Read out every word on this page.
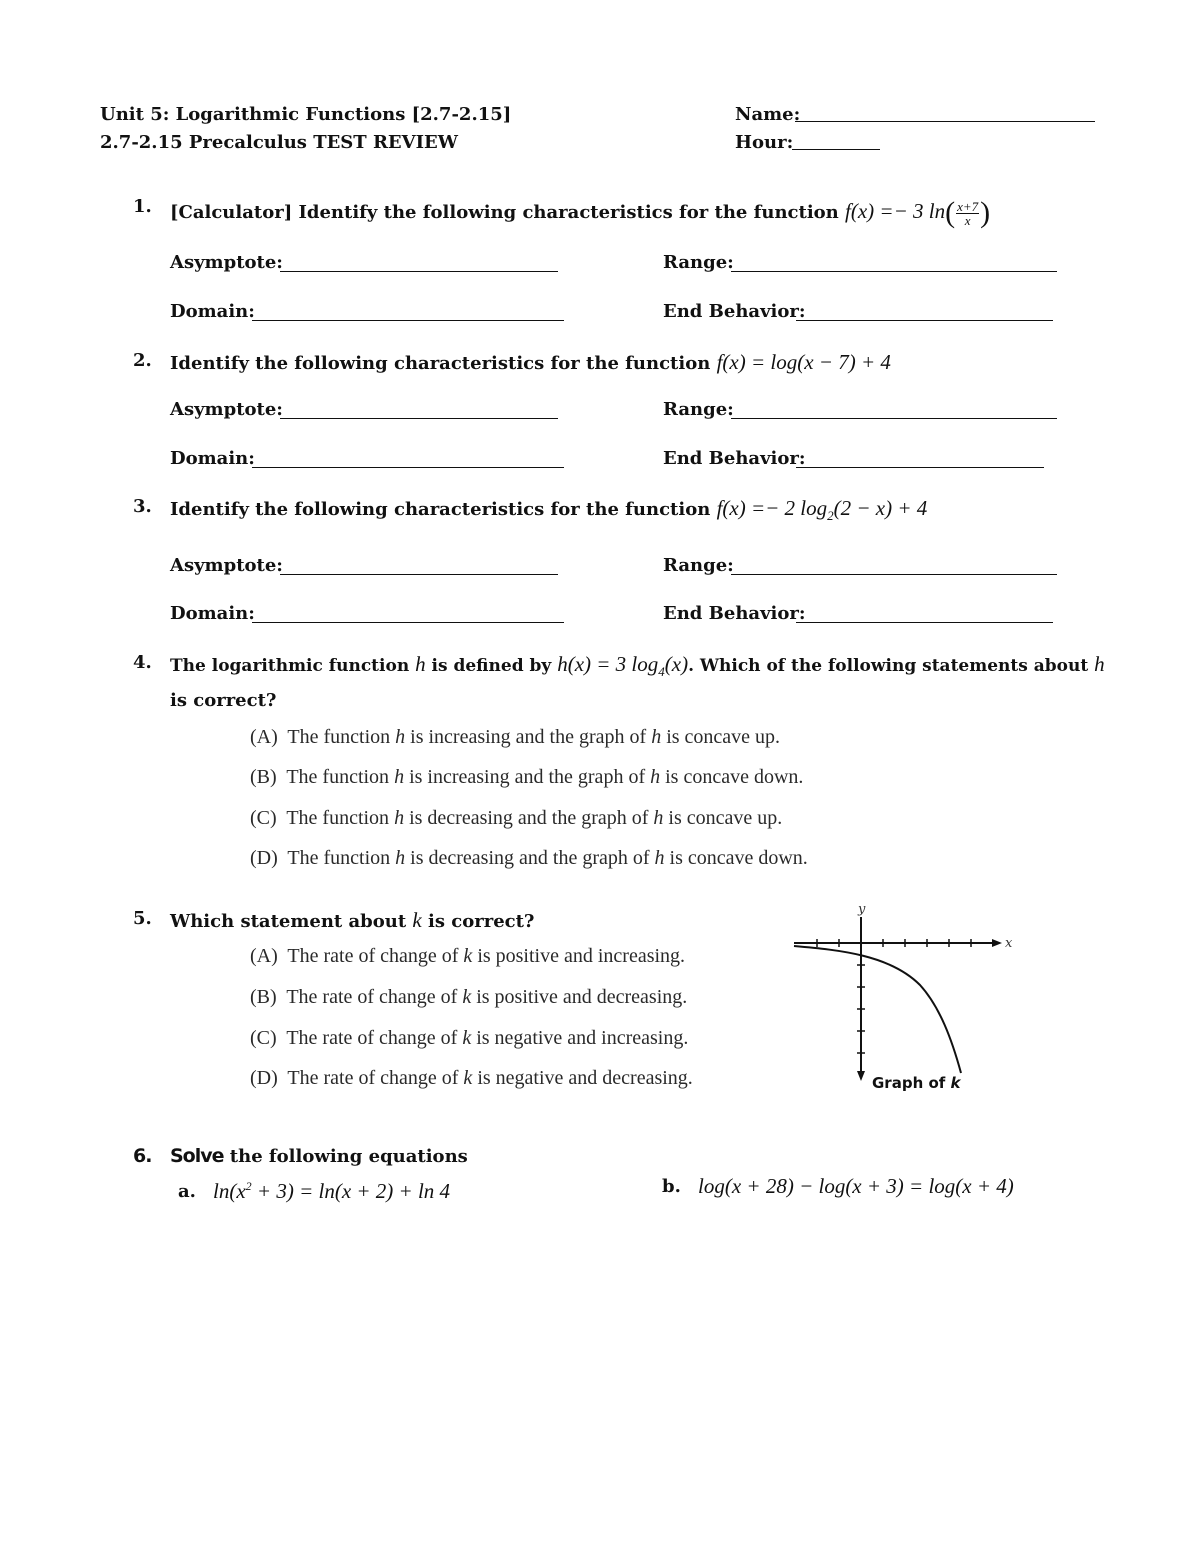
Unit 5: Logarithmic Functions [2.7-2.15]
2.7-2.15 Precalculus TEST REVIEW
Name:
Hour:
1. [Calculator] Identify the following characteristics for the function f(x) =− 3 $\ln( \frac{x+7}{x}$ )
Asymptote:	Range:
Domain:	End Behavior:
2. Identify the following characteristics for the function f(x) = log(x − 7) + 4
Asymptote:	Range:
Domain:	End Behavior:
3. Identify the following characteristics for the function f(x) =− 2 $\log_2(2 - x) + 4$
Asymptote:	Range:
Domain:	End Behavior:
4. The logarithmic function h is defined by h(x) = 3 $\log_4(x)$. Which of the following statements about h
is correct?
(A) The function h is increasing and the graph of h is concave up.
(B) The function h is increasing and the graph of h is concave down.
(C) The function h is decreasing and the graph of h is concave up.
(D) The function h is decreasing and the graph of h is concave down.
5. Which statement about k is correct?
(A) The rate of change of k is positive and increasing.
(B) The rate of change of k is positive and decreasing.
(C) The rate of change of k is negative and increasing.
(D) The rate of change of k is negative and decreasing.
y
x
Graph of k
6. Solve the following equations
a. $\ln(x^2 + 3) = \ln(x + 2) + \ln 4$	b. log(x + 28) − log(x + 3) = log(x + 4)
